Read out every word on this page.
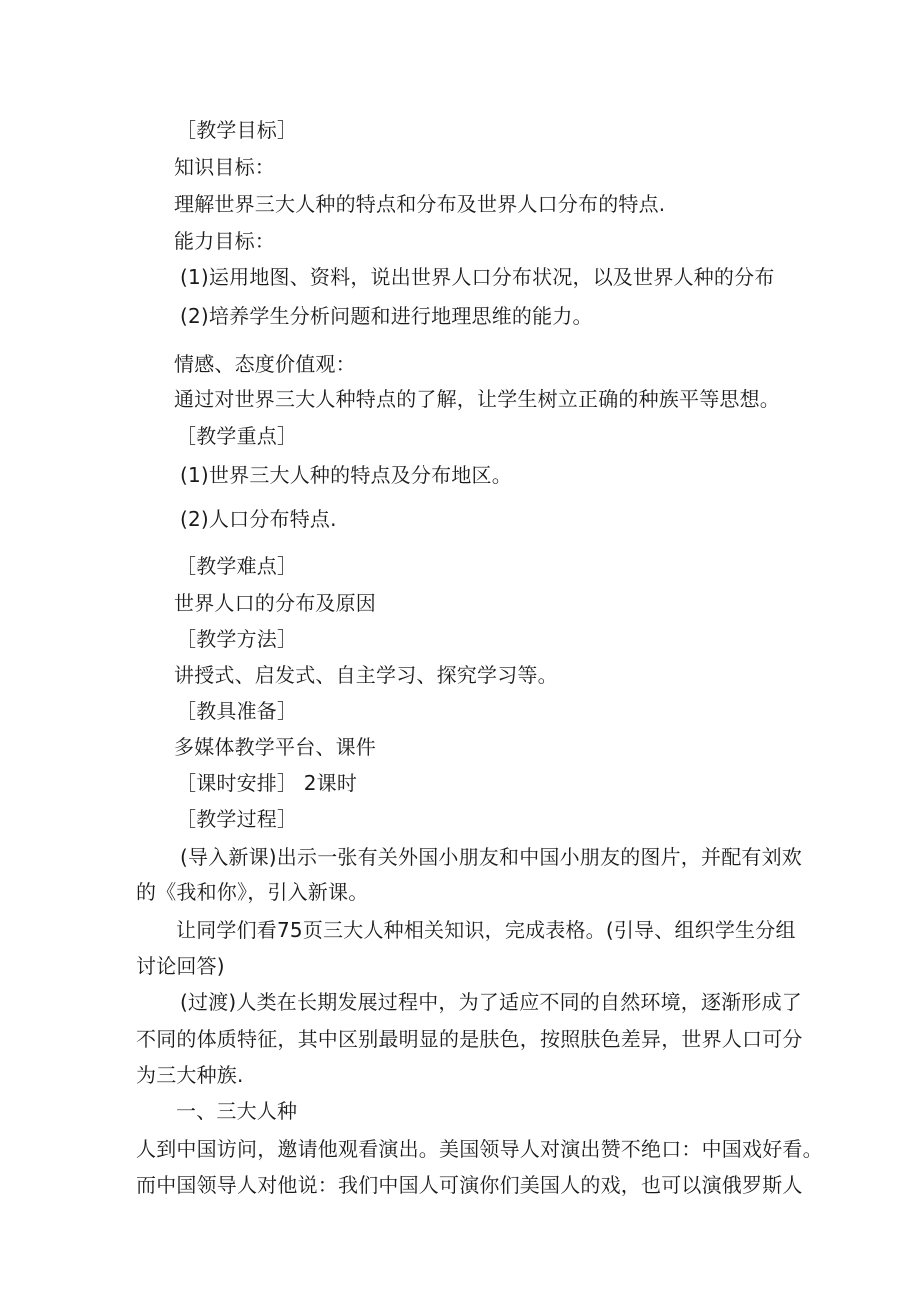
［教学目标］

知识目标：

理解世界三大人种的特点和分布及世界人口分布的特点.

能力目标：

(1)运用地图、资料，说出世界人口分布状况，以及世界人种的分布

(2)培养学生分析问题和进行地理思维的能力。

情感、态度价值观：

通过对世界三大人种特点的了解，让学生树立正确的种族平等思想。

［教学重点］

(1)世界三大人种的特点及分布地区。

(2)人口分布特点.

［教学难点］

世界人口的分布及原因

［教学方法］

讲授式、启发式、自主学习、探究学习等。

［教具准备］

多媒体教学平台、课件

［课时安排］ 2课时

［教学过程］

(导入新课)出示一张有关外国小朋友和中国小朋友的图片，并配有刘欢

的《我和你》，引入新课。

让同学们看75页三大人种相关知识，完成表格。(引导、组织学生分组

讨论回答)

(过渡)人类在长期发展过程中，为了适应不同的自然环境，逐渐形成了

不同的体质特征，其中区别最明显的是肤色，按照肤色差异，世界人口可分

为三大种族.

一、三大人种

人到中国访问，邀请他观看演出。美国领导人对演出赞不绝口：中国戏好看。

而中国领导人对他说：我们中国人可演你们美国人的戏，也可以演俄罗斯人
